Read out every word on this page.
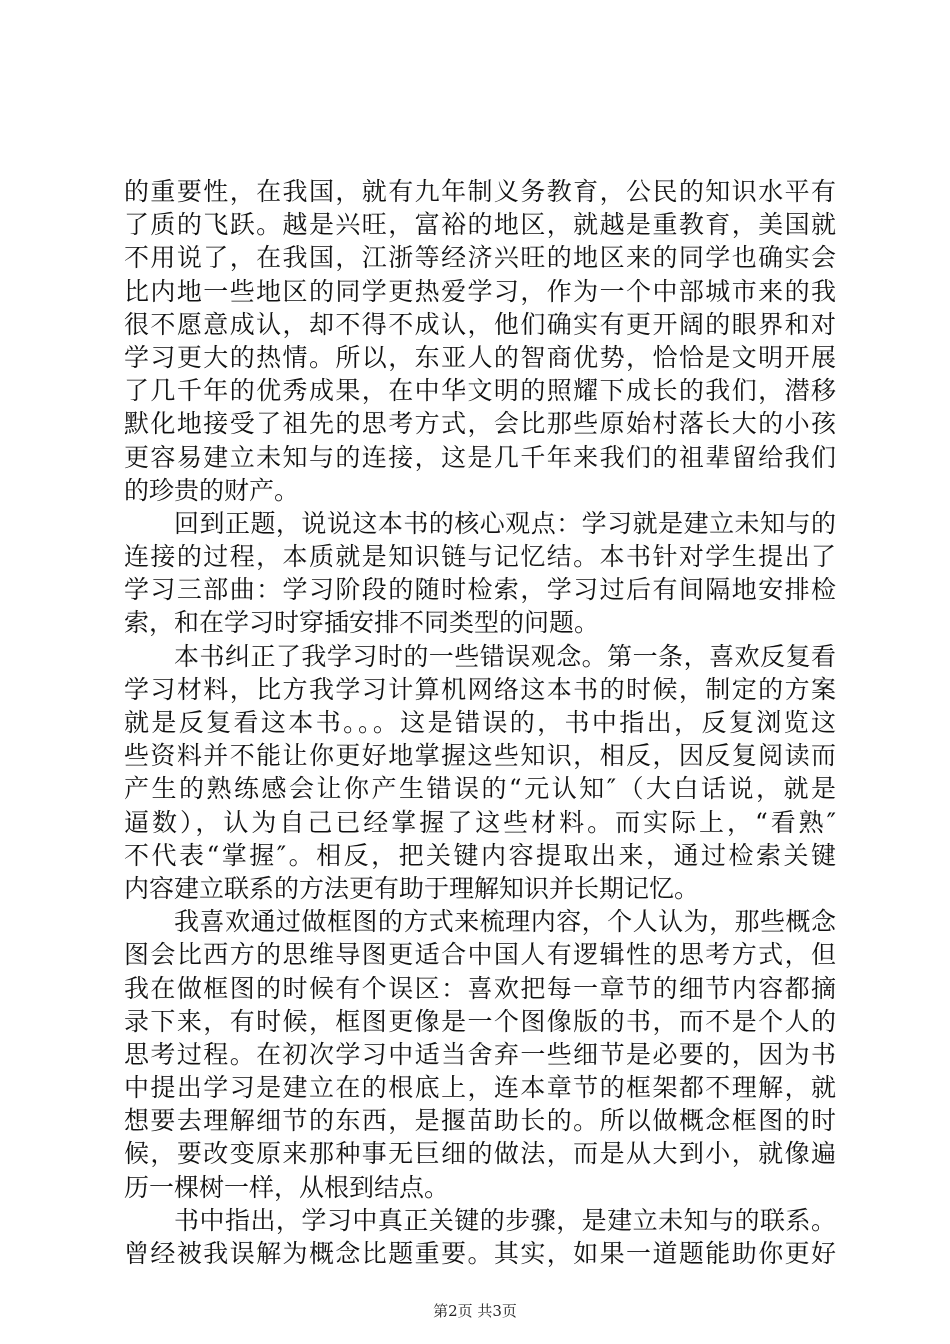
的重要性，在我国，就有九年制义务教育，公民的知识水平有
了质的飞跃。越是兴旺，富裕的地区，就越是重教育，美国就
不用说了，在我国，江浙等经济兴旺的地区来的同学也确实会
比内地一些地区的同学更热爱学习，作为一个中部城市来的我
很不愿意成认，却不得不成认，他们确实有更开阔的眼界和对
学习更大的热情。所以，东亚人的智商优势，恰恰是文明开展
了几千年的优秀成果，在中华文明的照耀下成长的我们，潜移
默化地接受了祖先的思考方式，会比那些原始村落长大的小孩
更容易建立未知与的连接，这是几千年来我们的祖辈留给我们
的珍贵的财产。
回到正题，说说这本书的核心观点：学习就是建立未知与的
连接的过程，本质就是知识链与记忆结。本书针对学生提出了
学习三部曲：学习阶段的随时检索，学习过后有间隔地安排检
索，和在学习时穿插安排不同类型的问题。
本书纠正了我学习时的一些错误观念。第一条，喜欢反复看
学习材料，比方我学习计算机网络这本书的时候，制定的方案
就是反复看这本书。。。这是错误的，书中指出，反复浏览这
些资料并不能让你更好地掌握这些知识，相反，因反复阅读而
产生的熟练感会让你产生错误的“元认知″（大白话说，就是
逼数），认为自己已经掌握了这些材料。而实际上，“看熟″
不代表“掌握″。相反，把关键内容提取出来，通过检索关键
内容建立联系的方法更有助于理解知识并长期记忆。
我喜欢通过做框图的方式来梳理内容，个人认为，那些概念
图会比西方的思维导图更适合中国人有逻辑性的思考方式，但
我在做框图的时候有个误区：喜欢把每一章节的细节内容都摘
录下来，有时候，框图更像是一个图像版的书，而不是个人的
思考过程。在初次学习中适当舍弃一些细节是必要的，因为书
中提出学习是建立在的根底上，连本章节的框架都不理解，就
想要去理解细节的东西，是揠苗助长的。所以做概念框图的时
候，要改变原来那种事无巨细的做法，而是从大到小，就像遍
历一棵树一样，从根到结点。
书中指出，学习中真正关键的步骤，是建立未知与的联系。
曾经被我误解为概念比题重要。其实，如果一道题能助你更好
第2页 共3页
